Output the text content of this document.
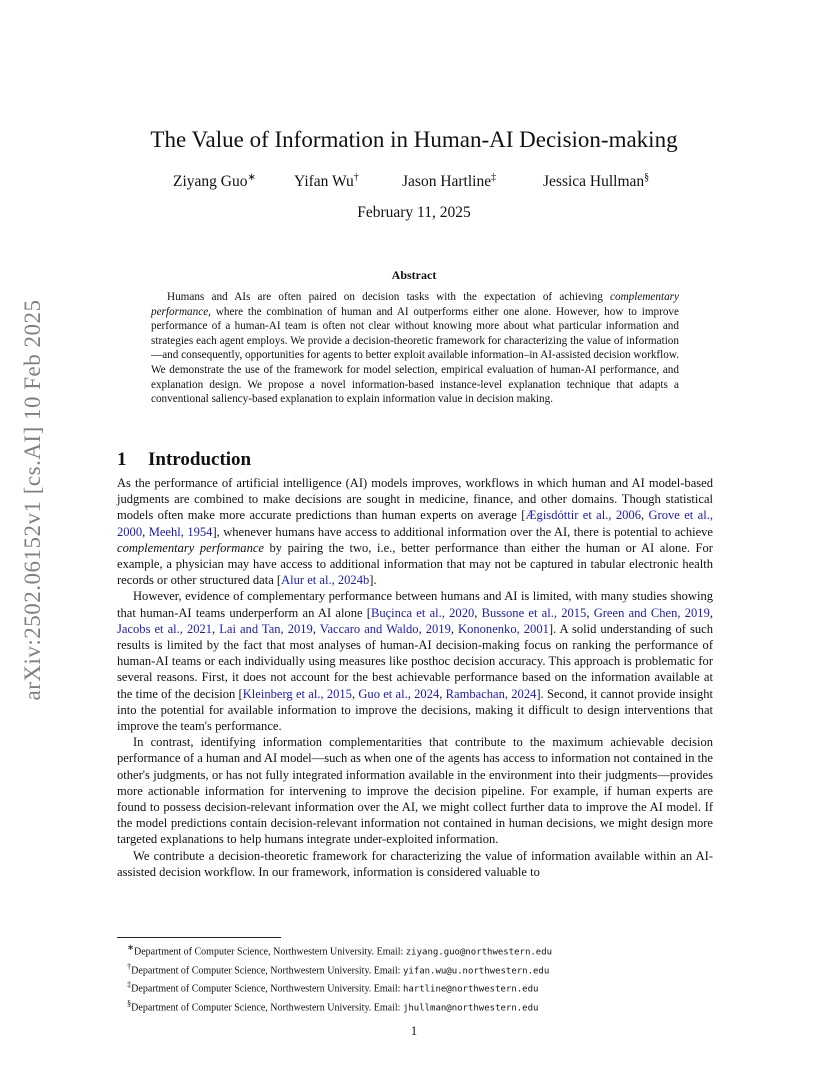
arXiv:2502.06152v1 [cs.AI] 10 Feb 2025
The Value of Information in Human-AI Decision-making
Ziyang Guo∗ Yifan Wu†	Jason Hartline‡	Jessica Hullman§
February 11, 2025
Abstract

Humans and AIs are often paired on decision tasks with the expectation of achieving complementary performance, where the combination of human and AI outperforms either one alone. However, how to improve performance of a human-AI team is often not clear without knowing more about what particular information and strategies each agent employs. We provide a decision-theoretic framework for characterizing the value of information—and consequently, opportunities for agents to better exploit available information–in AI-assisted decision workflow. We demonstrate the use of the framework for model selection, empirical evaluation of human-AI performance, and explanation design. We propose a novel information-based instance-level explanation technique that adapts a conventional saliency-based explanation to explain information value in decision making.

1 Introduction

As the performance of artificial intelligence (AI) models improves, workflows in which human and AI model-based judgments are combined to make decisions are sought in medicine, finance, and other domains. Though statistical models often make more accurate predictions than human experts on average [Ægisdóttir et al., 2006, Grove et al., 2000, Meehl, 1954], whenever humans have access to additional information over the AI, there is potential to achieve complementary performance by pairing the two, i.e., better performance than either the human or AI alone. For example, a physician may have access to additional information that may not be captured in tabular electronic health records or other structured data [Alur et al., 2024b].

However, evidence of complementary performance between humans and AI is limited, with many studies showing that human-AI teams underperform an AI alone [Buçinca et al., 2020, Bussone et al., 2015, Green and Chen, 2019, Jacobs et al., 2021, Lai and Tan, 2019, Vaccaro and Waldo, 2019, Kononenko, 2001]. A solid understanding of such results is limited by the fact that most analyses of human-AI decision-making focus on ranking the performance of human-AI teams or each individually using measures like posthoc decision accuracy. This approach is problematic for several reasons. First, it does not account for the best achievable performance based on the information available at the time of the decision [Kleinberg et al., 2015, Guo et al., 2024, Rambachan, 2024]. Second, it cannot provide insight into the potential for available information to improve the decisions, making it difficult to design interventions that improve the team's performance.

In contrast, identifying information complementarities that contribute to the maximum achievable decision performance of a human and AI model—such as when one of the agents has access to information not contained in the other's judgments, or has not fully integrated information available in the environment into their judgments—provides more actionable information for intervening to improve the decision pipeline. For example, if human experts are found to possess decision-relevant information over the AI, we might collect further data to improve the AI model. If the model predictions contain decision-relevant information not contained in human decisions, we might design more targeted explanations to help humans integrate under-exploited information.

We contribute a decision-theoretic framework for characterizing the value of information available within an AI-assisted decision workflow. In our framework, information is considered valuable to

∗Department of Computer Science, Northwestern University. Email: ziyang.guo@northwestern.edu
†Department of Computer Science, Northwestern University. Email: yifan.wu@u.northwestern.edu
‡Department of Computer Science, Northwestern University. Email: hartline@northwestern.edu
§Department of Computer Science, Northwestern University. Email: jhullman@northwestern.edu
1
